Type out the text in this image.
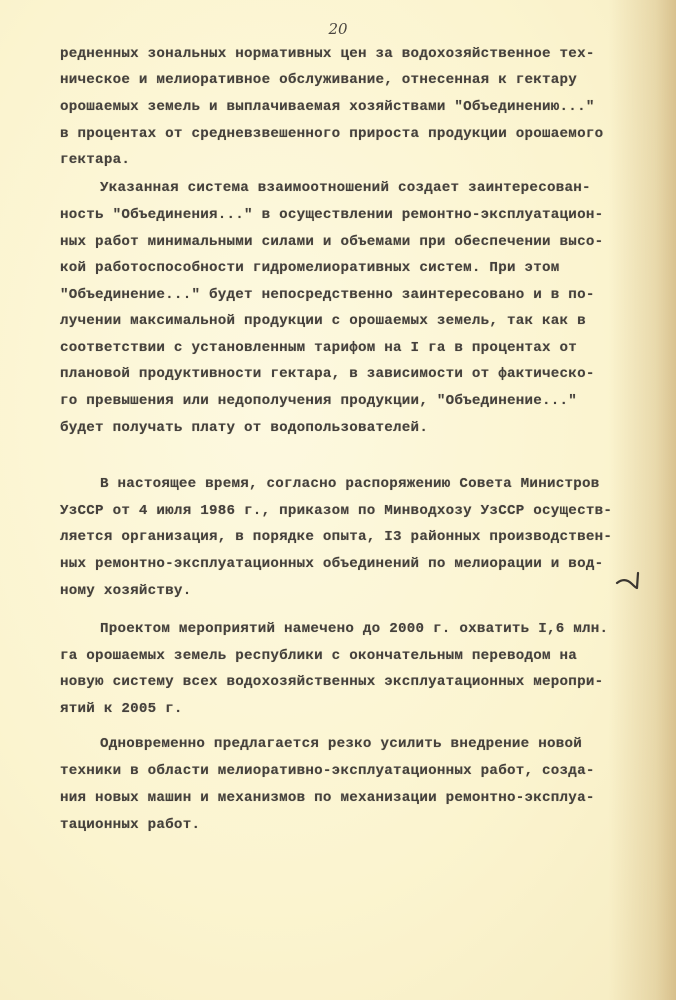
20
редненных зональных нормативных цен за водохозяйственное тех-
ническое и мелиоративное обслуживание, отнесенная к гектару
орошаемых земель и выплачиваемая хозяйствами "Объединению..."
в процентах от средневзвешенного прироста продукции орошаемого
гектара.
Указанная система взаимоотношений создает заинтересован-
ность "Объединения..." в осуществлении ремонтно-эксплуатацион-
ных работ минимальными силами и объемами при обеспечении высо-
кой работоспособности гидромелиоративных систем. При этом
"Объединение..." будет непосредственно заинтересовано и в по-
лучении максимальной продукции с орошаемых земель, так как в
соответствии с установленным тарифом на I га в процентах от
плановой продуктивности гектара, в зависимости от фактическо-
го превышения или недополучения продукции, "Объединение..."
будет получать плату от водопользователей.
В настоящее время, согласно распоряжению Совета Министров
УзССР от 4 июля 1986 г., приказом по Минводхозу УзССР осуществ-
ляется организация, в порядке опыта, I3 районных производствен-
ных ремонтно-эксплуатационных объединений по мелиорации и вод-
ному хозяйству.
Проектом мероприятий намечено до 2000 г. охватить I,6 млн.
га орошаемых земель республики с окончательным переводом на
новую систему всех водохозяйственных эксплуатационных меропри-
ятий к 2005 г.
Одновременно предлагается резко усилить внедрение новой
техники в области мелиоративно-эксплуатационных работ, созда-
ния новых машин и механизмов по механизации ремонтно-эксплуа-
тационных работ.
